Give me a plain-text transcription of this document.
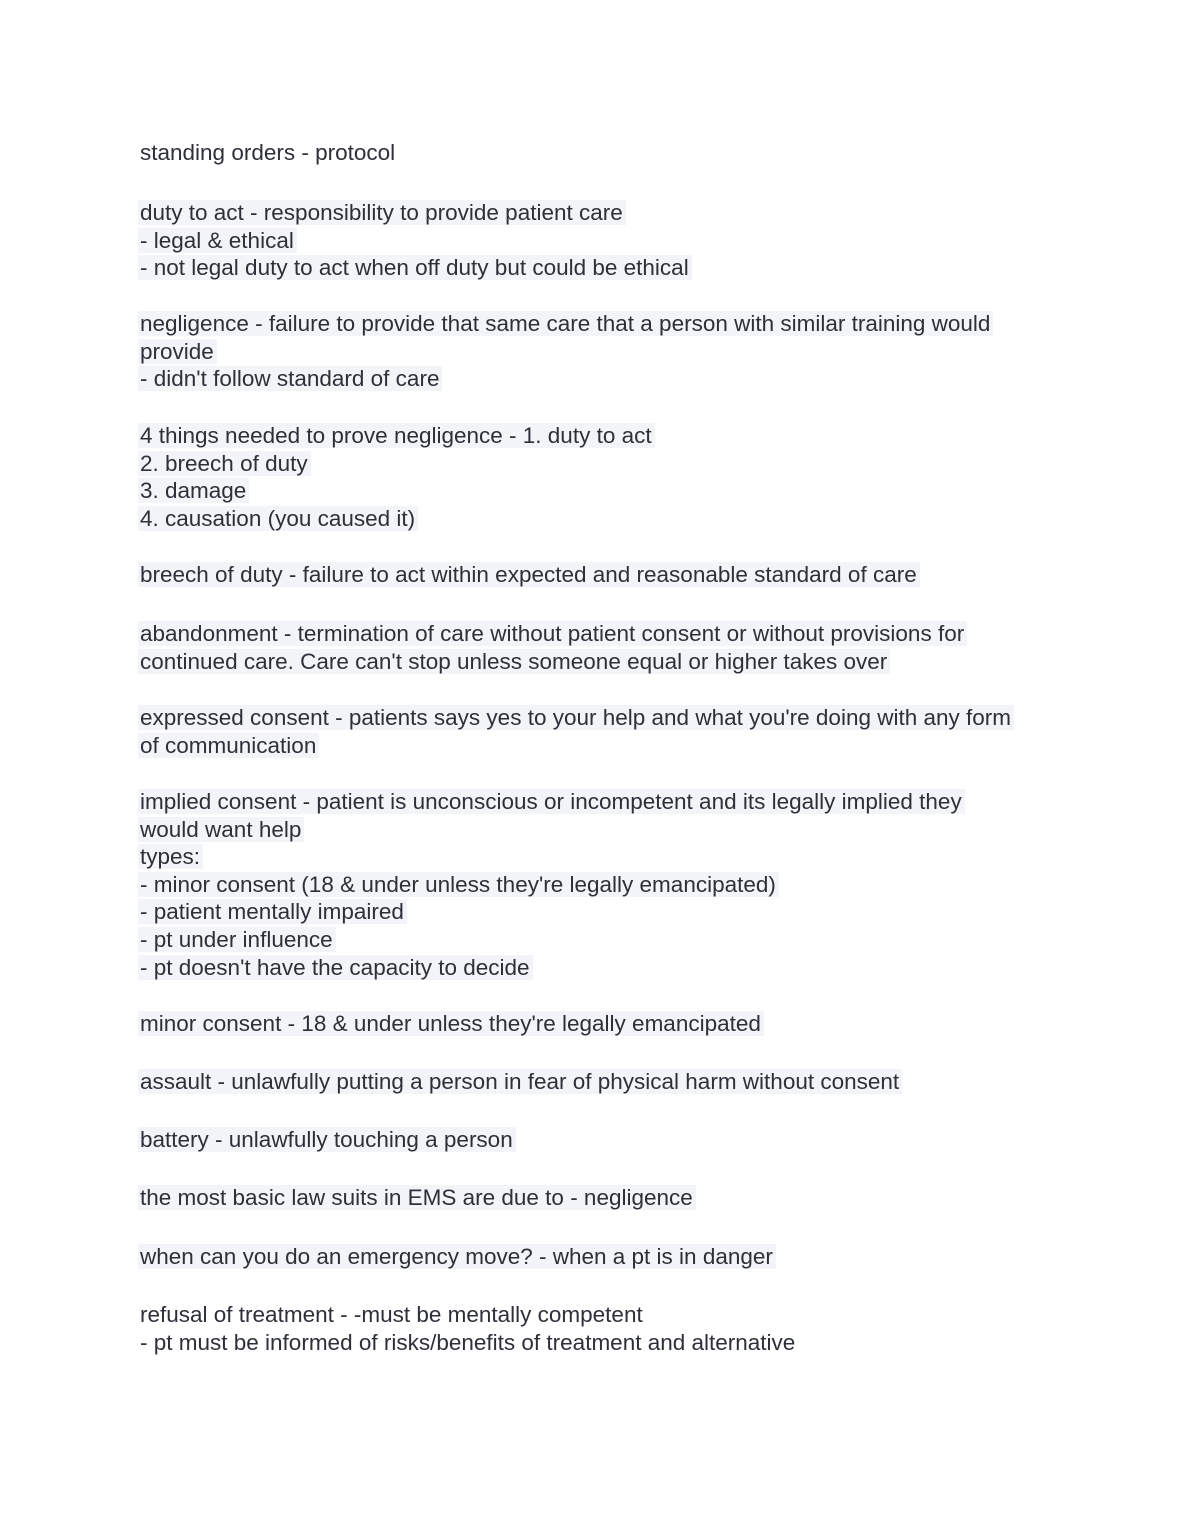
standing orders - protocol
duty to act - responsibility to provide patient care
- legal & ethical
- not legal duty to act when off duty but could be ethical
negligence - failure to provide that same care that a person with similar training would
provide
- didn't follow standard of care
4 things needed to prove negligence - 1. duty to act
2. breech of duty
3. damage
4. causation (you caused it)
breech of duty - failure to act within expected and reasonable standard of care
abandonment - termination of care without patient consent or without provisions for
continued care. Care can't stop unless someone equal or higher takes over
expressed consent - patients says yes to your help and what you're doing with any form
of communication
implied consent - patient is unconscious or incompetent and its legally implied they
would want help
types:
- minor consent (18 & under unless they're legally emancipated)
- patient mentally impaired
- pt under influence
- pt doesn't have the capacity to decide
minor consent - 18 & under unless they're legally emancipated
assault - unlawfully putting a person in fear of physical harm without consent
battery - unlawfully touching a person
the most basic law suits in EMS are due to - negligence
when can you do an emergency move? - when a pt is in danger
refusal of treatment - -must be mentally competent
- pt must be informed of risks/benefits of treatment and alternative
